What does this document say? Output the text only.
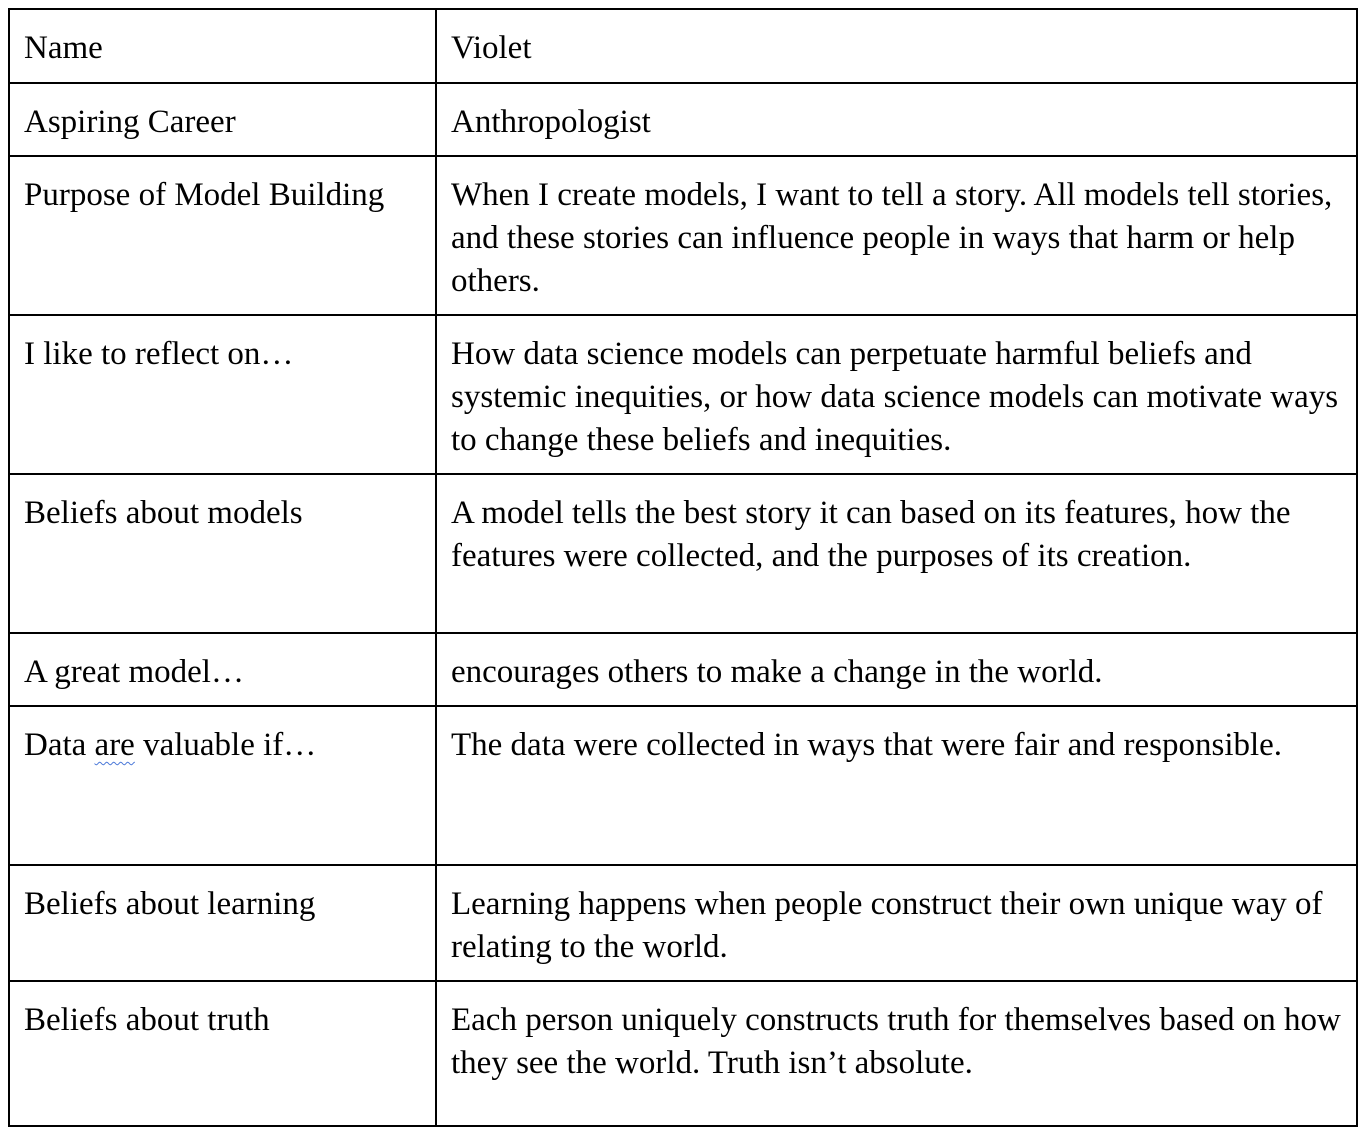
Name	Violet
Aspiring Career	Anthropologist
Purpose of Model Building	When I create models, I want to tell a story. All models tell stories, and these stories can influence people in ways that harm or help others.
I like to reflect on…	How data science models can perpetuate harmful beliefs and systemic inequities, or how data science models can motivate ways to change these beliefs and inequities.
Beliefs about models	A model tells the best story it can based on its features, how the features were collected, and the purposes of its creation.
A great model…	encourages others to make a change in the world.
Data are valuable if…	The data were collected in ways that were fair and responsible.
Beliefs about learning	Learning happens when people construct their own unique way of relating to the world.
Beliefs about truth	Each person uniquely constructs truth for themselves based on how they see the world. Truth isn’t absolute.
